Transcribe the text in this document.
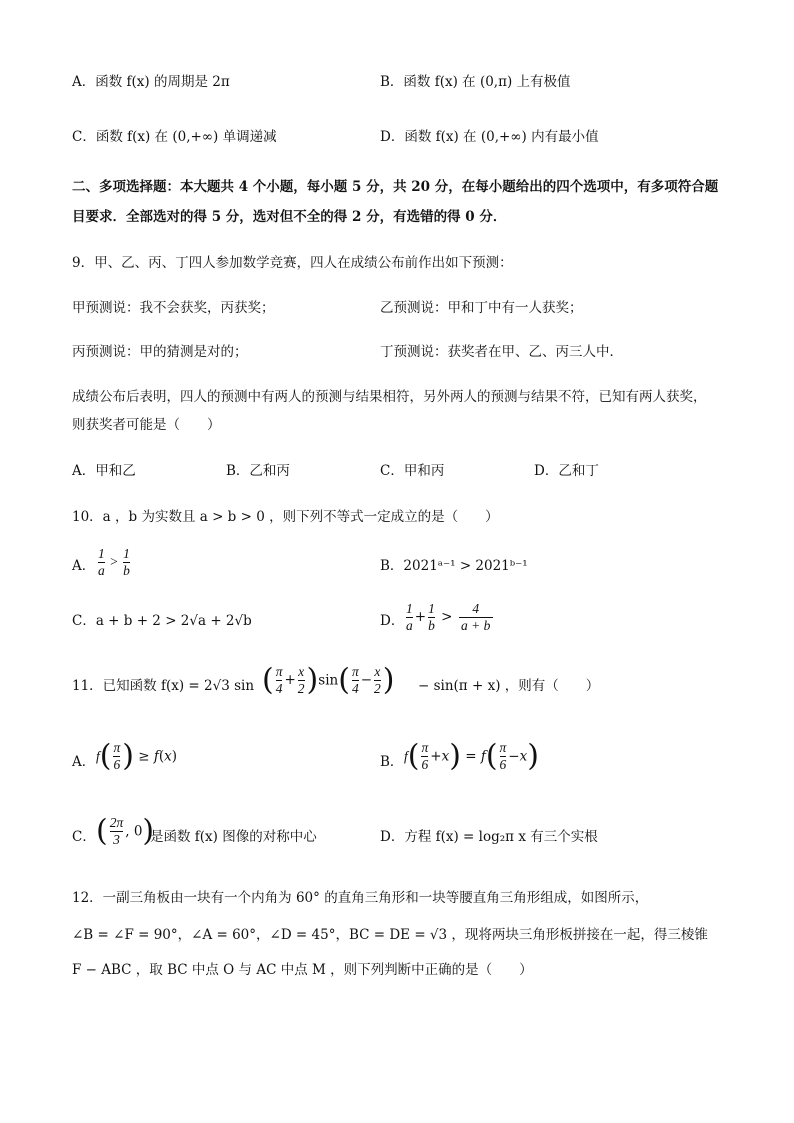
A．函数 f(x) 的周期是 2π	B．函数 f(x) 在 (0,π) 上有极值
C．函数 f(x) 在 (0,+∞) 单调递减	D．函数 f(x) 在 (0,+∞) 内有最小值
二、多项选择题：本大题共 4 个小题，每小题 5 分，共 20 分，在每小题给出的四个选项中，有多项符合题
目要求．全部选对的得 5 分，选对但不全的得 2 分，有选错的得 0 分．
9．甲、乙、丙、丁四人参加数学竞赛，四人在成绩公布前作出如下预测：
甲预测说：我不会获奖，丙获奖；	乙预测说：甲和丁中有一人获奖；
丙预测说：甲的猜测是对的；	丁预测说：获奖者在甲、乙、丙三人中．
成绩公布后表明，四人的预测中有两人的预测与结果相符，另外两人的预测与结果不符，已知有两人获奖，
则获奖者可能是（　　）
A．甲和乙	B．乙和丙	C．甲和丙	D．乙和丁
10．a ，b 为实数且 a > b > 0 ，则下列不等式一定成立的是（　　）
A． $\frac{1}{a} > \frac{1}{b}$	B．2021ᵃ⁻¹ > 2021ᵇ⁻¹
C．a + b + 2 > 2√a + 2√b	D． $\frac{1}{a} + \frac{1}{b} > \frac{4}{a + b}$
11．已知函数 f(x) = 2√3 sin ( $\frac{\pi}{4} + \frac{x}{2} )\sin( \frac{\pi}{4} - \frac{x}{2}$ ) − sin(π + x) ，则有（　　）
A． $f( \frac{\pi}{6}$ ) ≥ f(x)	B． $f( \frac{\pi}{6} +x) = f( \frac{\pi}{6} -x)$
C． ( $\frac{2\pi}{3}$ , 0)
是函数 f(x) 图像的对称中心	D．方程 f(x) = log₂π x 有三个实根
12．一副三角板由一块有一个内角为 60° 的直角三角形和一块等腰直角三角形组成，如图所示，
∠B = ∠F = 90°，∠A = 60°，∠D = 45°，BC = DE = √3 ，现将两块三角形板拼接在一起，得三棱锥
F − ABC ，取 BC 中点 O 与 AC 中点 M ，则下列判断中正确的是（　　）
